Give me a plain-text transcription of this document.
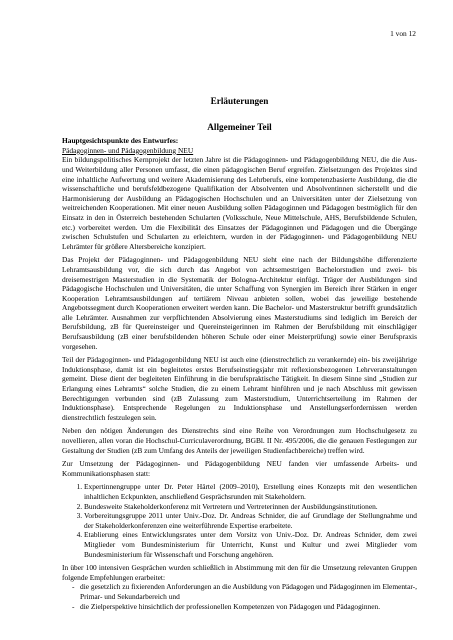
1 von 12
Erläuterungen
Allgemeiner Teil
Hauptgesichtspunkte des Entwurfes:
Pädagoginnen- und Pädagogenbildung NEU

Ein bildungspolitisches Kernprojekt der letzten Jahre ist die Pädagoginnen- und Pädagogenbildung NEU, die die Aus- und Weiterbildung aller Personen umfasst, die einen pädagogischen Beruf ergreifen. Zielsetzungen des Projektes sind eine inhaltliche Aufwertung und weitere Akademisierung des Lehrberufs, eine kompetenzbasierte Ausbildung, die die wissenschaftliche und berufsfeldbezogene Qualifikation der Absolventen und Absolventinnen sicherstellt und die Harmonisierung der Ausbildung an Pädagogischen Hochschulen und an Universitäten unter der Zielsetzung von weitreichenden Kooperationen. Mit einer neuen Ausbildung sollen Pädagoginnen und Pädagogen bestmöglich für den Einsatz in den in Österreich bestehenden Schularten (Volksschule, Neue Mittelschule, AHS, Berufsbildende Schulen, etc.) vorbereitet werden. Um die Flexibilität des Einsatzes der Pädagoginnen und Pädagogen und die Übergänge zwischen Schulstufen und Schularten zu erleichtern, wurden in der Pädagoginnen- und Pädagogenbildung NEU Lehrämter für größere Altersbereiche konzipiert.

Das Projekt der Pädagoginnen- und Pädagogenbildung NEU sieht eine nach der Bildungshöhe differenzierte Lehramtsausbildung vor, die sich durch das Angebot von achtsemestrigen Bachelorstudien und zwei- bis dreisemestrigen Masterstudien in die Systematik der Bologna-Architektur einfügt. Träger der Ausbildungen sind Pädagogische Hochschulen und Universitäten, die unter Schaffung von Synergien im Bereich ihrer Stärken in enger Kooperation Lehramtsausbildungen auf tertiärem Niveau anbieten sollen, wobei das jeweilige bestehende Angebotssegment durch Kooperationen erweitert werden kann. Die Bachelor- und Masterstruktur betrifft grundsätzlich alle Lehrämter. Ausnahmen zur verpflichtenden Absolvierung eines Masterstudiums sind lediglich im Bereich der Berufsbildung, zB für Quereinsteiger und Quereinsteigerinnen im Rahmen der Berufsbildung mit einschlägiger Berufsausbildung (zB einer berufsbildenden höheren Schule oder einer Meisterprüfung) sowie einer Berufspraxis vorgesehen.

Teil der Pädagoginnen- und Pädagogenbildung NEU ist auch eine (dienstrechtlich zu verankernde) ein- bis zweijährige Induktionsphase, damit ist ein begleitetes erstes Berufseinstiegsjahr mit reflexionsbezogenen Lehrveranstaltungen gemeint. Diese dient der begleiteten Einführung in die berufspraktische Tätigkeit. In diesem Sinne sind „Studien zur Erlangung eines Lehramts“ solche Studien, die zu einem Lehramt hinführen und je nach Abschluss mit gewissen Berechtigungen verbunden sind (zB Zulassung zum Masterstudium, Unterrichtserteilung im Rahmen der Induktionsphase). Entsprechende Regelungen zu Induktionsphase und Anstellungserfordernissen werden dienstrechtlich festzulegen sein.

Neben den nötigen Änderungen des Dienstrechts sind eine Reihe von Verordnungen zum Hochschulgesetz zu novellieren, allen voran die Hochschul-Curriculaverordnung, BGBl. II Nr. 495/2006, die die genauen Festlegungen zur Gestaltung der Studien (zB zum Umfang des Anteils der jeweiligen Studienfachbereiche) treffen wird.

Zur Umsetzung der Pädagoginnen- und Pädagogenbildung NEU fanden vier umfassende Arbeits- und Kommunikationsphasen statt:

1. Expertinnengruppe unter Dr. Peter Härtel (2009–2010), Erstellung eines Konzepts mit den wesentlichen inhaltlichen Eckpunkten, anschließend Gesprächsrunden mit Stakeholdern.
2. Bundesweite Stakeholderkonferenz mit Vertretern und Vertreterinnen der Ausbildungsinstitutionen.
3. Vorbereitungsgruppe 2011 unter Univ.-Doz. Dr. Andreas Schnider, die auf Grundlage der Stellungnahme und der Stakeholderkonferenzen eine weiterführende Expertise erarbeitete.
4. Etablierung eines Entwicklungsrates unter dem Vorsitz von Univ.-Doz. Dr. Andreas Schnider, dem zwei Mitglieder vom Bundesministerium für Unterricht, Kunst und Kultur und zwei Mitglieder vom Bundesministerium für Wissenschaft und Forschung angehören.

In über 100 intensiven Gesprächen wurden schließlich in Abstimmung mit den für die Umsetzung relevanten Gruppen folgende Empfehlungen erarbeitet:

- die gesetzlich zu fixierenden Anforderungen an die Ausbildung von Pädagogen und Pädagoginnen im Elementar-, Primar- und Sekundarbereich und
- die Zielperspektive hinsichtlich der professionellen Kompetenzen von Pädagogen und Pädagoginnen.
